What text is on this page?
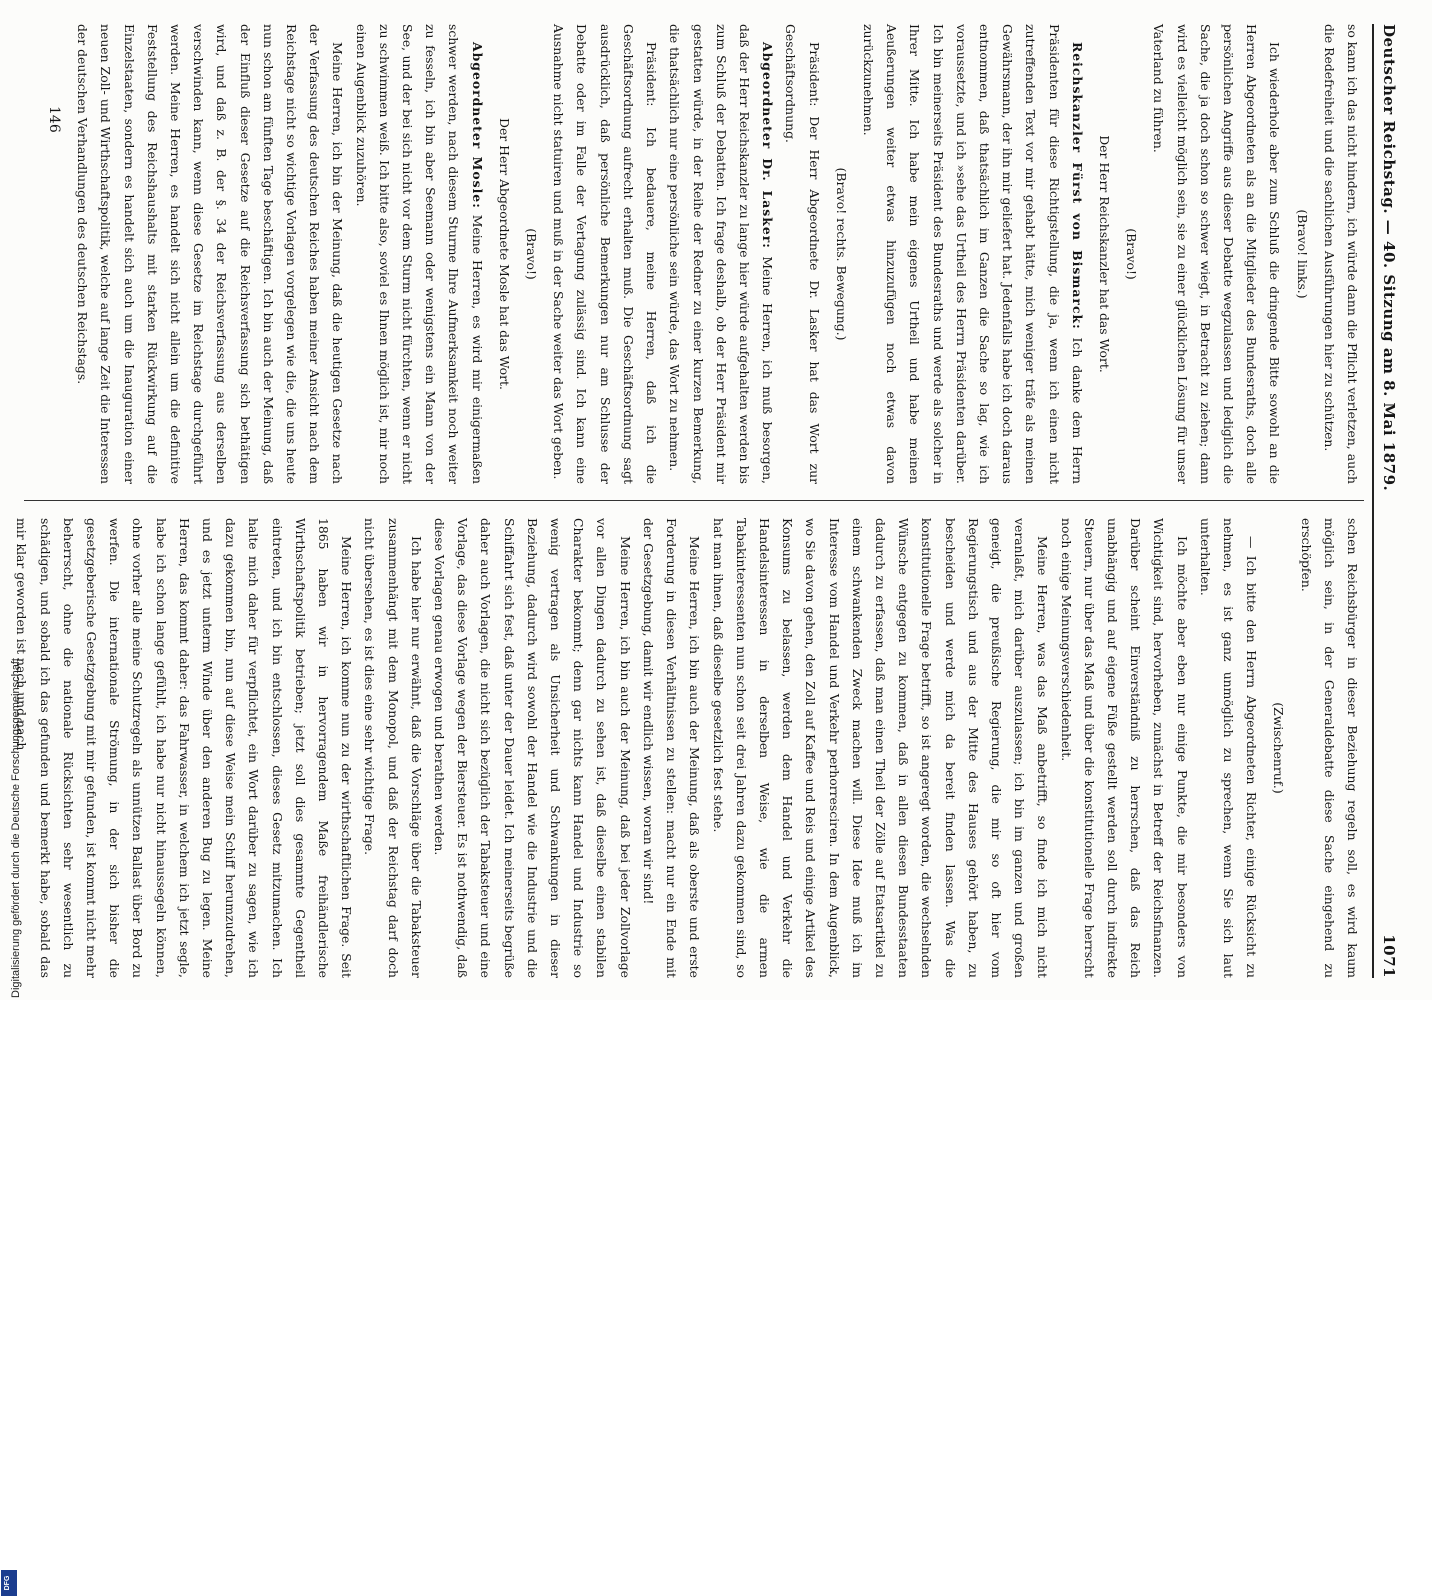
Digitalisierung gefördert durch die Deutsche Forschungsgemeinschaft
DFG
Deutscher Reichstag. — 40. Sitzung am 8. Mai 1879.
1071

so kann ich das nicht hindern, ich würde dann die Pflicht verletzen, auch die Redefreiheit und die sachlichen Ausführungen hier zu schützen.

(Bravo! links.)

Ich wiederhole aber zum Schluß die dringende Bitte sowohl an die Herren Abgeordneten als an die Mitglieder des Bundesraths, doch alle persönlichen Angriffe aus dieser Debatte wegzulassen und lediglich die Sache, die ja doch schon so schwer wiegt, in Betracht zu ziehen; dann wird es vielleicht möglich sein, sie zu einer glücklichen Lösung für unser Vaterland zu führen.

(Bravo!)

Der Herr Reichskanzler hat das Wort.

Reichskanzler Fürst von Bismarck: Ich danke dem Herrn Präsidenten für diese Richtigstellung, die ja, wenn ich einen nicht zutreffenden Text vor mir gehabt hätte, mich weniger träfe als meinen Gewährsmann, der ihn mir geliefert hat. Jedenfalls habe ich doch daraus entnommen, daß thatsächlich im Ganzen die Sache so lag, wie ich voraussetzte, und ich »sehe das Urtheil des Herrn Präsidenten darüber. Ich bin meinerseits Präsident des Bundesraths und werde als solcher in Ihrer Mitte. Ich habe mein eigenes Urtheil und habe meinen Aeußerungen weiter etwas hinzuzufügen noch etwas davon zurückzunehmen.

(Bravo! rechts. Bewegung.)

Präsident: Der Herr Abgeordnete Dr. Lasker hat das Wort zur Geschäftsordnung.

Abgeordneter Dr. Lasker: Meine Herren, ich muß besorgen, daß der Herr Reichskanzler zu lange hier würde aufgehalten werden bis zum Schluß der Debatten. Ich frage deshalb, ob der Herr Präsident mir gestatten würde, in der Reihe der Redner zu einer kurzen Bemerkung, die thatsächlich nur eine persönliche sein würde, das Wort zu nehmen.

Präsident: Ich bedauere, meine Herren, daß ich die Geschäftsordnung aufrecht erhalten muß. Die Geschäftsordnung sagt ausdrücklich, daß persönliche Bemerkungen nur am Schlusse der Debatte oder im Falle der Vertagung zulässig sind. Ich kann eine Ausnahme nicht statuiren und muß in der Sache weiter das Wort geben.

(Bravo!)

Der Herr Abgeordnete Mosle hat das Wort.

Abgeordneter Mosle: Meine Herren, es wird mir einigermaßen schwer werden, nach diesem Sturme Ihre Aufmerksamkeit noch weiter zu fesseln, ich bin aber Seemann oder wenigstens ein Mann von der See, und der bei sich nicht vor dem Sturm nicht fürchten, wenn er nicht zu schwimmen weiß. Ich bitte also, soviel es Ihnen möglich ist, mir noch einen Augenblick zuzuhören.

Meine Herren, ich bin der Meinung, daß die heutigen Gesetze nach der Verfassung des deutschen Reiches haben meiner Ansicht nach dem Reichstage nicht so wichtige Vorlagen vorgelegen wie die, die uns heute nun schon am fünften Tage beschäftigen. Ich bin auch der Meinung, daß der Einfluß dieser Gesetze auf die Reichsverfassung sich bethätigen wird, und daß z. B. der §. 34 der Reichsverfassung aus derselben verschwinden kann, wenn diese Gesetze im Reichstage durchgeführt werden. Meine Herren, es handelt sich nicht allein um die definitive Feststellung des Reichshaushalts mit starken Rückwirkung auf die Einzelstaaten, sondern es handelt sich auch um die Inauguration einer neuen Zoll- und Wirthschaftspolitik, welche auf lange Zeit die Interessen der deutschen Verhandlungen des deutschen Reichstags.

schen Reichsbürger in dieser Beziehung regeln soll, es wird kaum möglich sein, in der Generaldebatte diese Sache eingehend zu erschöpfen.

(Zwischenruf.)

— Ich bitte den Herrn Abgeordneten Richter, einige Rücksicht zu nehmen, es ist ganz unmöglich zu sprechen, wenn Sie sich laut unterhalten.

Ich möchte aber eben nur einige Punkte, die mir besonders von Wichtigkeit sind, hervorheben, zunächst in Betreff der Reichsfinanzen. Darüber scheint Einverständniß zu herrschen, daß das Reich unabhängig und auf eigene Füße gestellt werden soll durch indirekte Steuern, nur über das Maß und über die konstitutionelle Frage herrscht noch einige Meinungsverschiedenheit.

Meine Herren, was das Maß anbetrifft, so finde ich mich nicht veranlaßt, mich darüber auszulassen; ich bin im ganzen und großen geneigt, die preußische Regierung, die mir so oft hier vom Regierungstisch und aus der Mitte des Hauses gehört haben, zu bescheiden und werde mich da bereit finden lassen. Was die konstitutionelle Frage betrifft, so ist angeregt worden, die wechselnden Wünsche entgegen zu kommen, daß in allen diesen Bundesstaaten dadurch zu erfassen, daß man einen Theil der Zölle auf Etatsartikel zu einem schwankenden Zweck machen will. Diese Idee muß ich im Interesse vom Handel und Verkehr perhorresciren. In dem Augenblick, wo Sie davon gehen, den Zoll auf Kaffee und Reis und einige Artikel des Konsums zu belassen, werden dem Handel und Verkehr die Handelsinteressen in derselben Weise, wie die armen Tabakinteressenten nun schon seit drei Jahren dazu gekommen sind, so hat man ihnen, daß dieselbe gesetzlich fest stehe.

Meine Herren, ich bin auch der Meinung, daß als oberste und erste Forderung in diesen Verhältnissen zu stellen: macht nur ein Ende mit der Gesetzgebung, damit wir endlich wissen, woran wir sind!

Meine Herren, ich bin auch der Meinung, daß bei jeder Zollvorlage vor allen Dingen dadurch zu sehen ist, daß dieselbe einen stabilen Charakter bekommt; denn gar nichts kann Handel und Industrie so wenig vertragen als Unsicherheit und Schwankungen in dieser Beziehung, dadurch wird sowohl der Handel wie die Industrie und die Schiffahrt sich fest, daß unter der Dauer leidet. Ich meinerseits begrüße daher auch Vorlagen, die nicht sich bezüglich der Tabaksteuer und eine Vorlage, das diese Vorlage wegen der Biersteuer. Es ist nothwendig, daß diese Vorlagen genau erwogen und berathen werden.

Ich habe hier nur erwähnt, daß die Vorschläge über die Tabaksteuer zusammenhängt mit dem Monopol, und daß der Reichstag darf doch nicht übersehen, es ist dies eine sehr wichtige Frage.

Meine Herren, ich komme nun zu der wirthschaftlichen Frage. Seit 1865 haben wir in hervorragendem Maße freihändlerische Wirthschaftspolitik betrieben; jetzt soll dies gesammte Gegentheil eintreten, und ich bin entschlossen, dieses Gesetz mitzumachen. Ich halte mich daher für verpflichtet, ein Wort darüber zu sagen, wie ich dazu gekommen bin, nun auf diese Weise mein Schiff herumzudrehen, und es jetzt unterm Winde über den anderen Bug zu legen. Meine Herren, das kommt daher: das Fahrwasser, in welchem ich jetzt segle, habe ich schon lange gefühlt, ich habe nur nicht hinaussegeln können, ohne vorher alle meine Schutzregeln als unnützen Ballast über Bord zu werfen. Die internationale Strömung, in der sich bisher die gesetzgeberische Gesetzgebung mit mir gefunden, ist kommt nicht mehr beherrscht, ohne die nationale Rücksichten sehr wesentlich zu schädigen, und sobald ich das gefunden und bemerkt habe, sobald das mir klar geworden ist nach und nach

146
